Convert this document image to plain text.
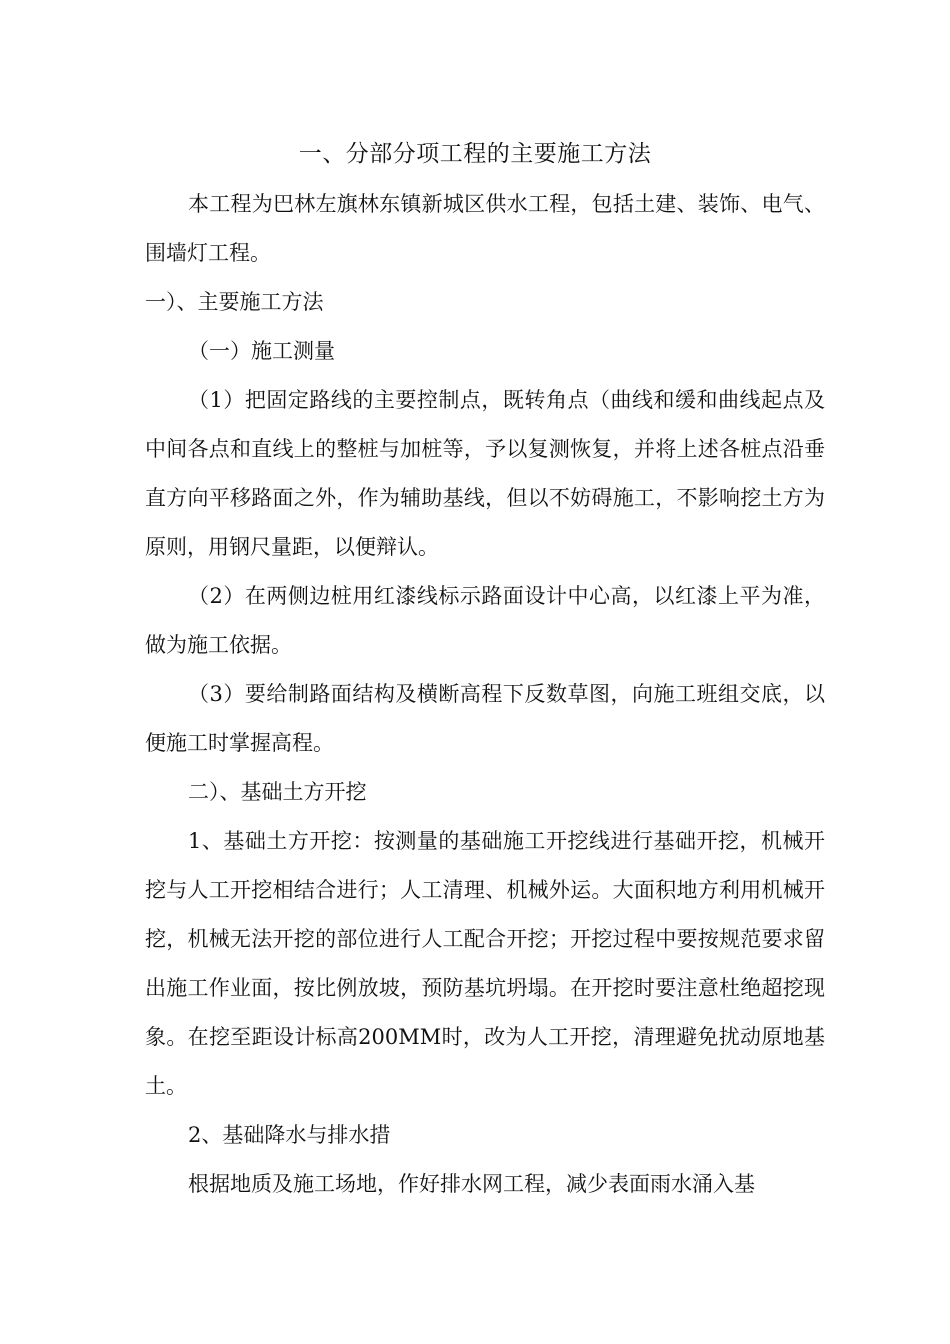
一、分部分项工程的主要施工方法

本工程为巴林左旗林东镇新城区供水工程，包括土建、装饰、电气、围墙灯工程。

一）、主要施工方法

（一）施工测量

（1）把固定路线的主要控制点，既转角点（曲线和缓和曲线起点及中间各点和直线上的整桩与加桩等，予以复测恢复，并将上述各桩点沿垂直方向平移路面之外，作为辅助基线，但以不妨碍施工，不影响挖土方为原则，用钢尺量距，以便辩认。

（2）在两侧边桩用红漆线标示路面设计中心高，以红漆上平为准，做为施工依据。

（3）要给制路面结构及横断高程下反数草图，向施工班组交底，以便施工时掌握高程。

二）、基础土方开挖

1、基础土方开挖：按测量的基础施工开挖线进行基础开挖，机械开挖与人工开挖相结合进行；人工清理、机械外运。大面积地方利用机械开挖，机械无法开挖的部位进行人工配合开挖；开挖过程中要按规范要求留出施工作业面，按比例放坡，预防基坑坍塌。在开挖时要注意杜绝超挖现象。在挖至距设计标高200MM时，改为人工开挖，清理避免扰动原地基土。

2、基础降水与排水措

根据地质及施工场地，作好排水网工程，减少表面雨水涌入基
